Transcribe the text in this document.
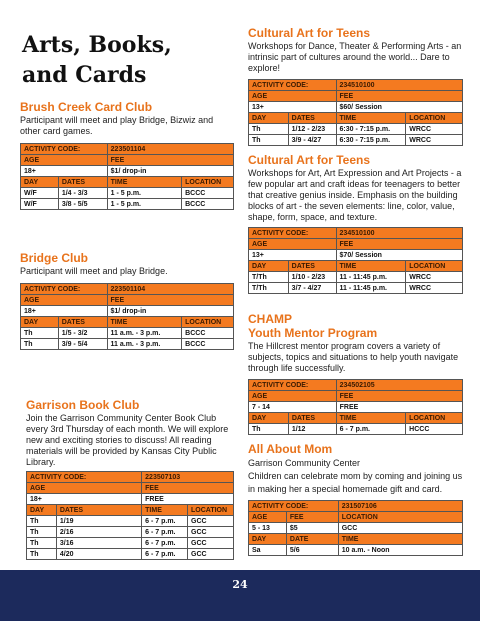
Arts, Books, and Cards
Brush Creek Card Club

Participant will meet and play Bridge, Bizwiz and other card games.

ACTIVITY CODE:		223501104	
AGE		FEE	
18+		$1/ drop-in	
DAY	DATES	TIME	LOCATION
W/F	1/4 - 3/3	1 - 5 p.m.	BCCC
W/F	3/8 - 5/5	1 - 5 p.m.	BCCC
Bridge Club

Participant will meet and play Bridge.

ACTIVITY CODE:		223501104	
AGE		FEE	
18+		$1/ drop-in	
DAY	DATES	TIME	LOCATION
Th	1/5 - 3/2	11 a.m. - 3 p.m.	BCCC
Th	3/9 - 5/4	11 a.m. - 3 p.m.	BCCC
Garrison Book Club

Join the Garrison Community Center Book Club every 3rd Thursday of each month. We will explore new and exciting stories to discuss! All reading materials will be provided by Kansas City Public Library.

ACTIVITY CODE:		223507103	
AGE		FEE	
18+		FREE	
DAY	DATES	TIME	LOCATION
Th	1/19	6 - 7 p.m.	GCC
Th	2/16	6 - 7 p.m.	GCC
Th	3/16	6 - 7 p.m.	GCC
Th	4/20	6 - 7 p.m.	GCC
Cultural Art for Teens

Workshops for Dance, Theater & Performing Arts - an intrinsic part of cultures around the world... Dare to explore!

ACTIVITY CODE:		234510100	
AGE		FEE	
13+		$60/ Session	
DAY	DATES	TIME	LOCATION
Th	1/12 - 2/23	6:30 - 7:15 p.m.	WRCC
Th	3/9 - 4/27	6:30 - 7:15 p.m.	WRCC
Cultural Art for Teens

Workshops for Art, Art Expression and Art Projects - a few popular art and craft ideas for teenagers to better that creative genius inside. Emphasis on the building blocks of art - the seven elements: line, color, value, shape, form, space, and texture.

ACTIVITY CODE:		234510100	
AGE		FEE	
13+		$70/ Session	
DAY	DATES	TIME	LOCATION
T/Th	1/10 - 2/23	11 - 11:45 p.m.	WRCC
T/Th	3/7 - 4/27	11 - 11:45 p.m.	WRCC
CHAMP
Youth Mentor Program

The Hillcrest mentor program covers a variety of subjects, topics and situations to help youth navigate through life successfully.

ACTIVITY CODE:		234502105	
AGE		FEE	
7 - 14		FREE	
DAY	DATES	TIME	LOCATION
Th	1/12	6 - 7 p.m.	HCCC
All About Mom

Garrison Community Center

Children can celebrate mom by coming and joining us in making her a special homemade gift and card.

ACTIVITY CODE:		231507106
AGE	FEE	LOCATION
5 - 13	$5	GCC
DAY	DATE	TIME
Sa	5/6	10 a.m. - Noon
24
